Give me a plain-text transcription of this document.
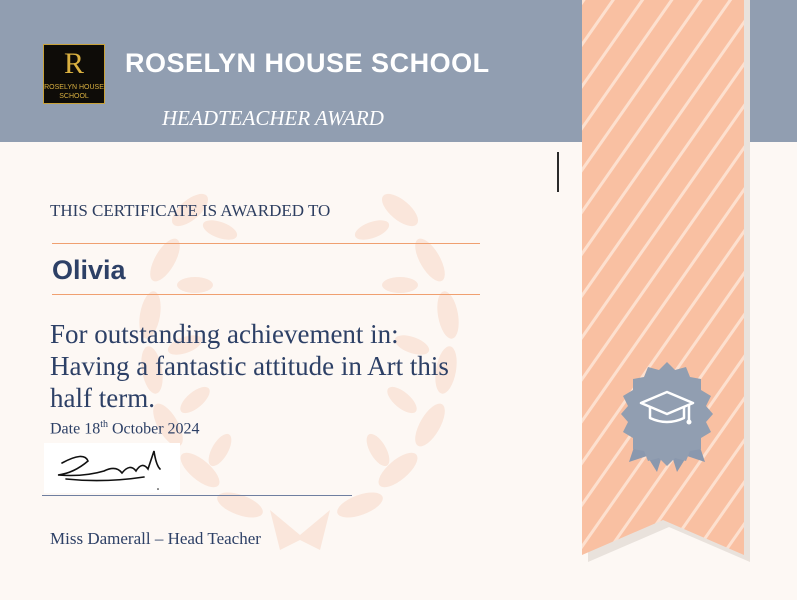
R
ROSELYN HOUSE
SCHOOL
ROSELYN HOUSE SCHOOL
HEADTEACHER AWARD
THIS CERTIFICATE IS AWARDED TO
Olivia
For outstanding achievement in:
Having a fantastic attitude in Art this half term.
Date 18th October 2024
Miss Damerall – Head Teacher
